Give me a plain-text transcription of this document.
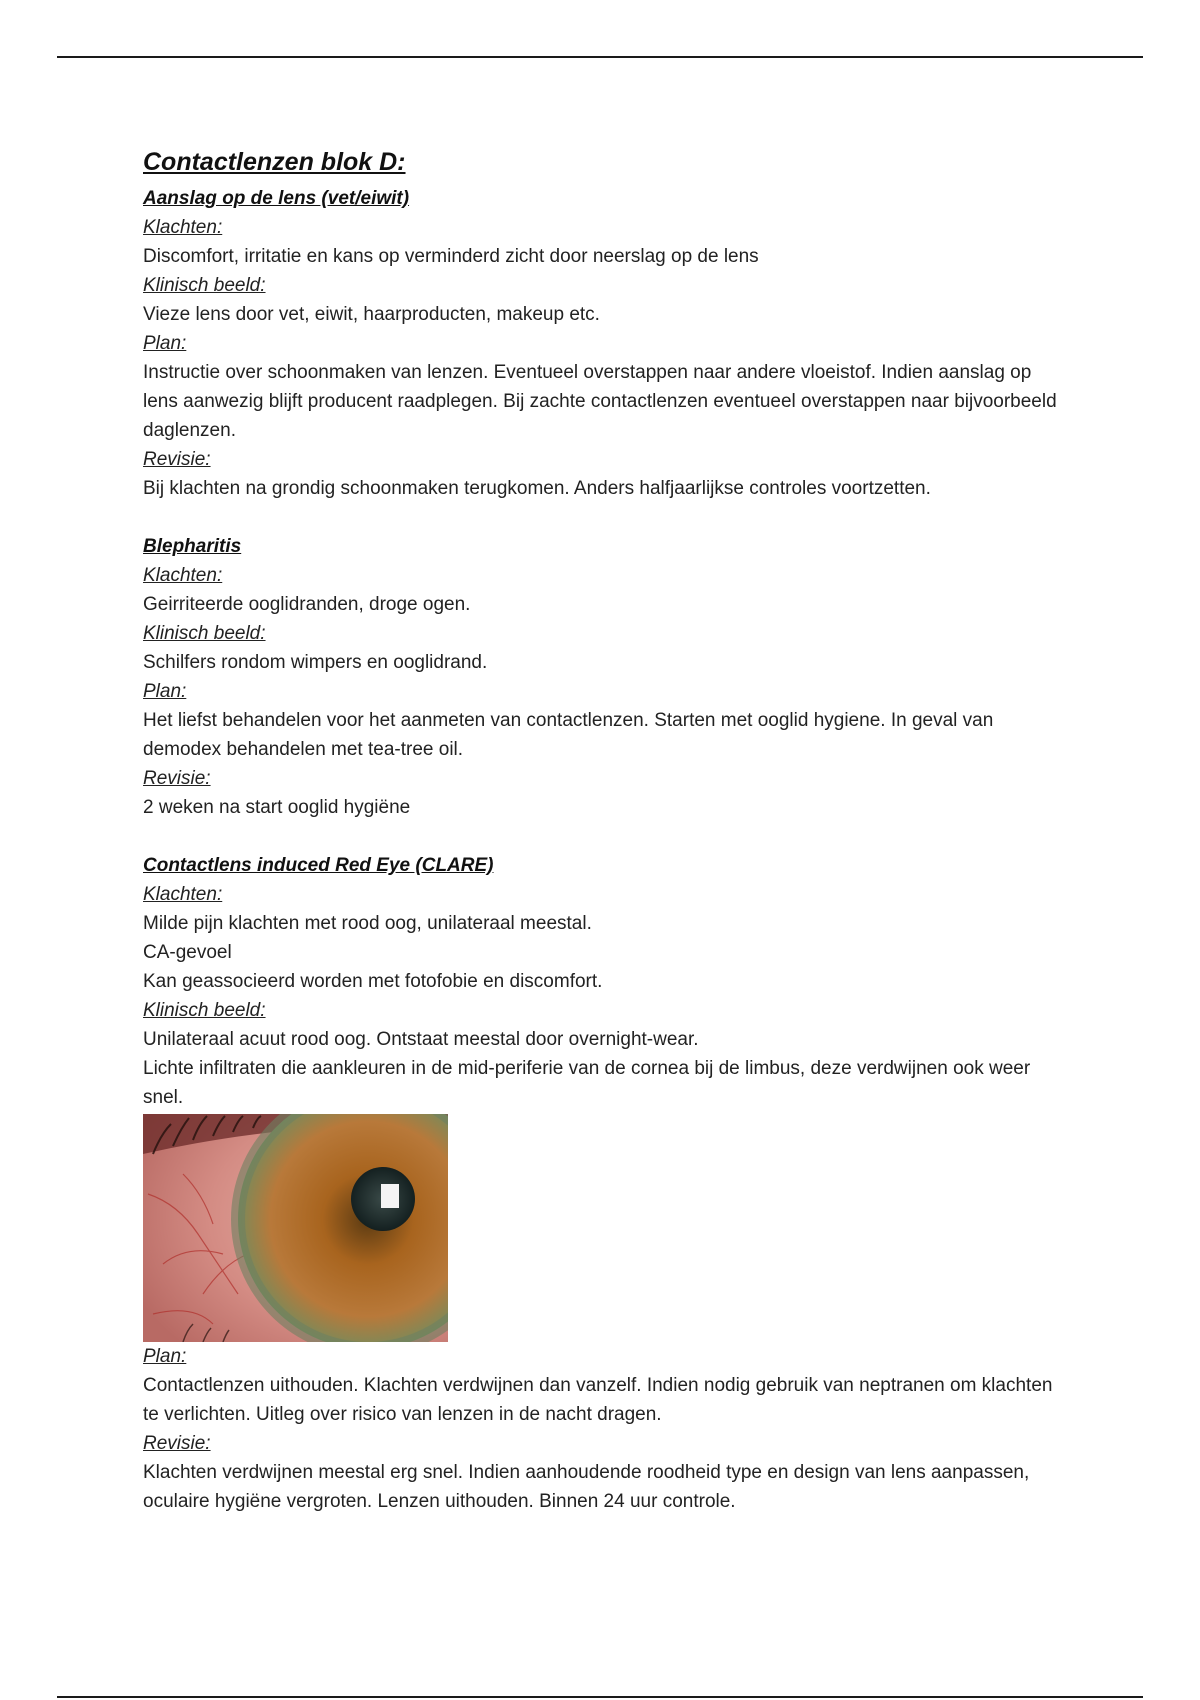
Contactlenzen blok D:
Aanslag op de lens (vet/eiwit)
Klachten:
Discomfort, irritatie en kans op verminderd zicht door neerslag op de lens
Klinisch beeld:
Vieze lens door vet, eiwit, haarproducten, makeup etc.
Plan:
Instructie over schoonmaken van lenzen. Eventueel overstappen naar andere vloeistof. Indien aanslag op lens aanwezig blijft producent raadplegen. Bij zachte contactlenzen eventueel overstappen naar bijvoorbeeld daglenzen.
Revisie:
Bij klachten na grondig schoonmaken terugkomen. Anders halfjaarlijkse controles voortzetten.
Blepharitis
Klachten:
Geirriteerde ooglidranden, droge ogen.
Klinisch beeld:
Schilfers rondom wimpers en ooglidrand.
Plan:
Het liefst behandelen voor het aanmeten van contactlenzen. Starten met ooglid hygiene. In geval van demodex behandelen met tea-tree oil.
Revisie:
2 weken na start ooglid hygiëne
Contactlens induced Red Eye (CLARE)
Klachten:
Milde pijn klachten met rood oog, unilateraal meestal.
CA-gevoel
Kan geassocieerd worden met fotofobie en discomfort.
Klinisch beeld:
Unilateraal acuut rood oog. Ontstaat meestal door overnight-wear.
Lichte infiltraten die aankleuren in de mid-periferie van de cornea bij de limbus, deze verdwijnen ook weer snel.
Plan:
Contactlenzen uithouden. Klachten verdwijnen dan vanzelf. Indien nodig gebruik van neptranen om klachten te verlichten. Uitleg over risico van lenzen in de nacht dragen.
Revisie:
Klachten verdwijnen meestal erg snel. Indien aanhoudende roodheid type en design van lens aanpassen, oculaire hygiëne vergroten. Lenzen uithouden. Binnen 24 uur controle.
